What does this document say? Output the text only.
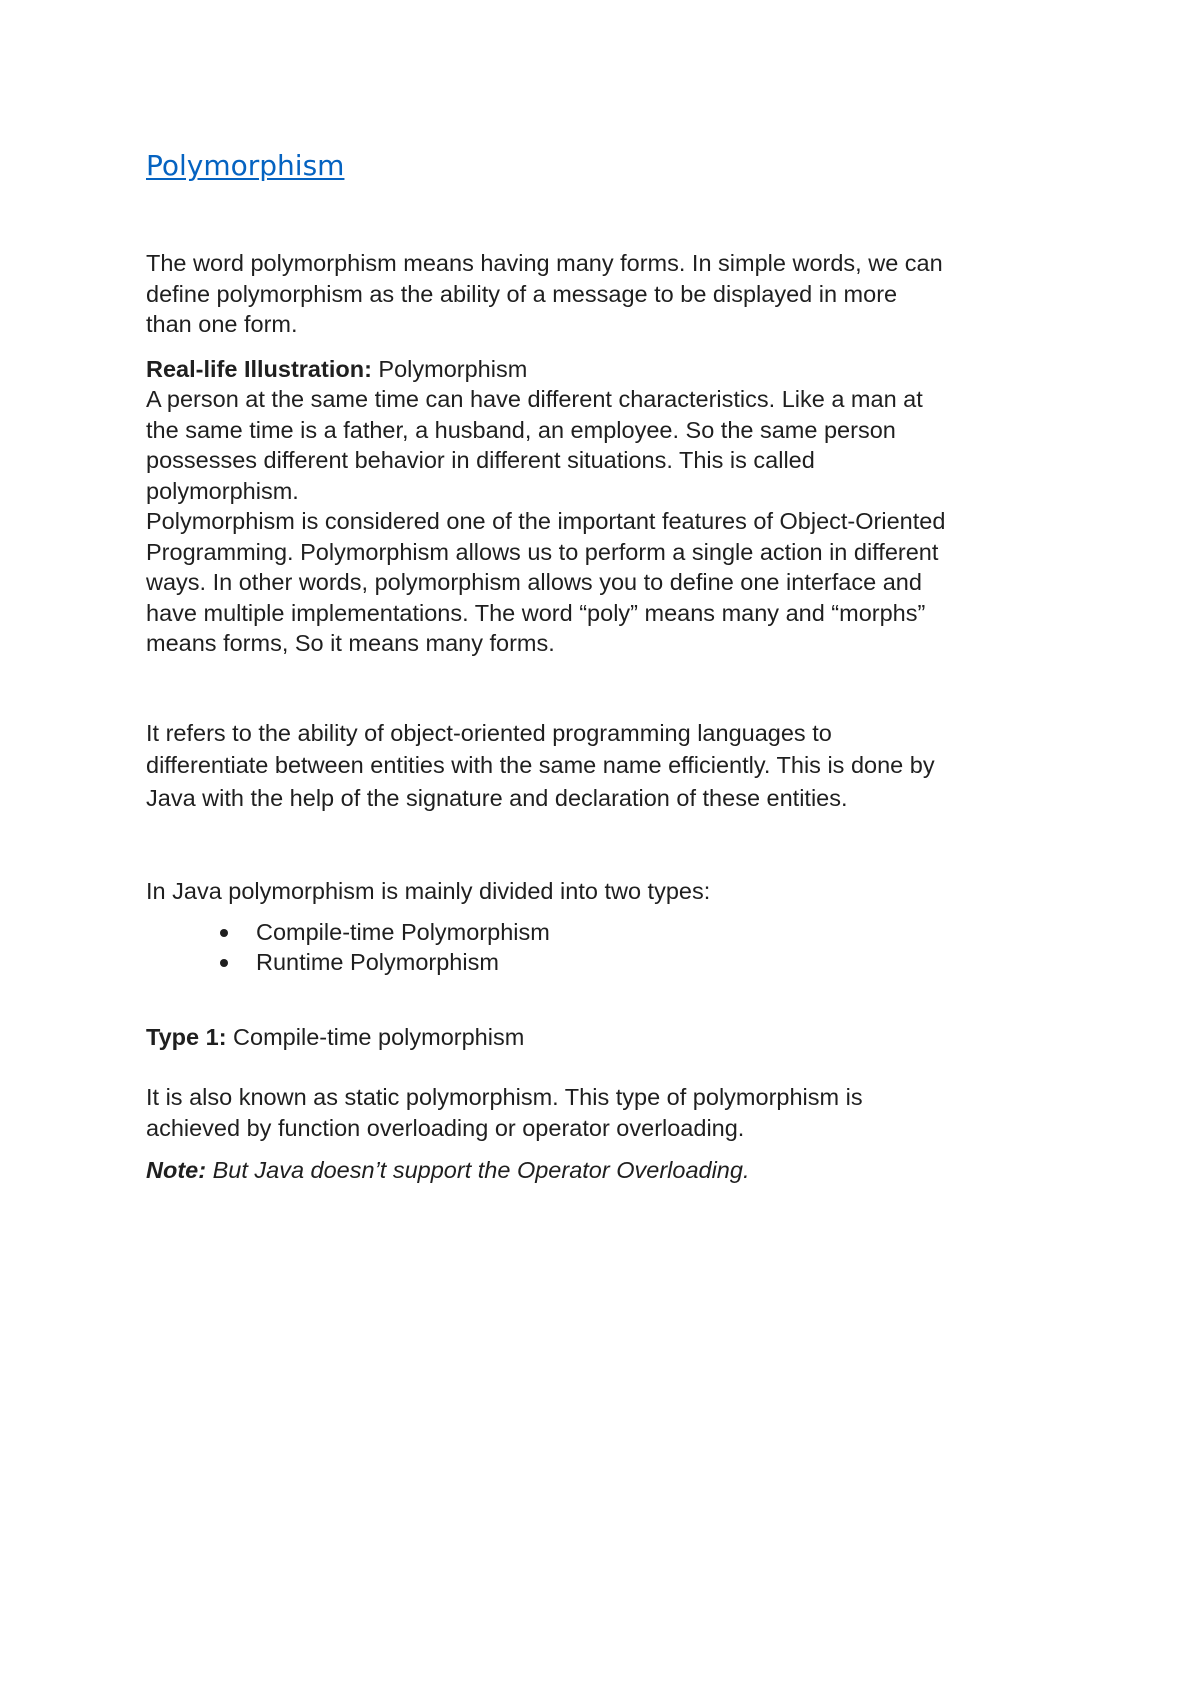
Polymorphism

The word polymorphism means having many forms. In simple words, we can
define polymorphism as the ability of a message to be displayed in more
than one form.

Real-life Illustration: Polymorphism
A person at the same time can have different characteristics. Like a man at
the same time is a father, a husband, an employee. So the same person
possesses different behavior in different situations. This is called
polymorphism.
Polymorphism is considered one of the important features of Object-Oriented
Programming. Polymorphism allows us to perform a single action in different
ways. In other words, polymorphism allows you to define one interface and
have multiple implementations. The word “poly” means many and “morphs”
means forms, So it means many forms.

It refers to the ability of object-oriented programming languages to
differentiate between entities with the same name efficiently. This is done by
Java with the help of the signature and declaration of these entities.

In Java polymorphism is mainly divided into two types:

Compile-time Polymorphism
Runtime Polymorphism

Type 1: Compile-time polymorphism

It is also known as static polymorphism. This type of polymorphism is
achieved by function overloading or operator overloading.

Note: But Java doesn’t support the Operator Overloading.
